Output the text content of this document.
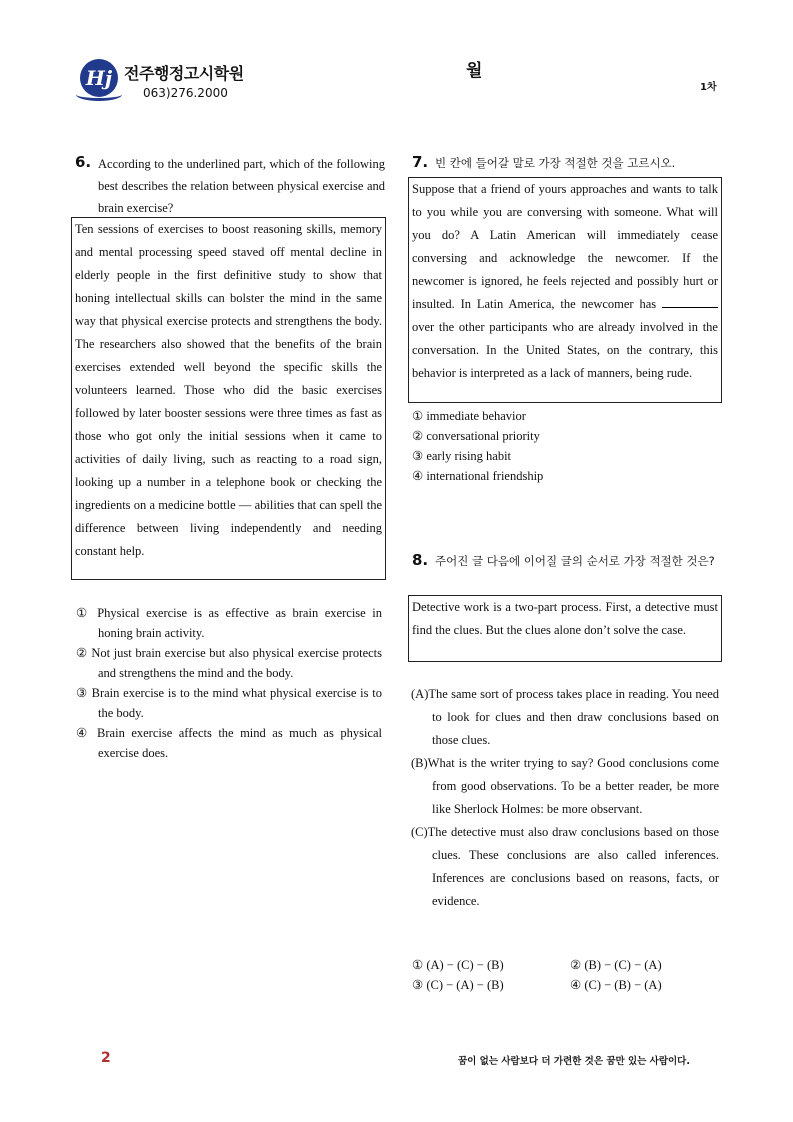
Hj 전주행정고시학원
063)276.2000
월
1차
6. According to the underlined part, which of the following best describes the relation between physical exercise and brain exercise?
Ten sessions of exercises to boost reasoning skills, memory and mental processing speed staved off mental decline in elderly people in the first definitive study to show that honing intellectual skills can bolster the mind in the same way that physical exercise protects and strengthens the body. The researchers also showed that the benefits of the brain exercises extended well beyond the specific skills the volunteers learned. Those who did the basic exercises followed by later booster sessions were three times as fast as those who got only the initial sessions when it came to activities of daily living, such as reacting to a road sign, looking up a number in a telephone book or checking the ingredients on a medicine bottle — abilities that can spell the difference between living independently and needing constant help.
① Physical exercise is as effective as brain exercise in honing brain activity.
② Not just brain exercise but also physical exercise protects and strengthens the mind and the body.
③ Brain exercise is to the mind what physical exercise is to the body.
④ Brain exercise affects the mind as much as physical exercise does.
7. 빈 칸에 들어갈 말로 가장 적절한 것을 고르시오.
Suppose that a friend of yours approaches and wants to talk to you while you are conversing with someone. What will you do? A Latin American will immediately cease conversing and acknowledge the newcomer. If the newcomer is ignored, he feels rejected and possibly hurt or insulted. In Latin America, the newcomer has  over the other participants who are already involved in the conversation. In the United States, on the contrary, this behavior is interpreted as a lack of manners, being rude.
① immediate behavior
② conversational priority
③ early rising habit
④ international friendship
8. 주어진 글 다음에 이어질 글의 순서로 가장 적절한 것은?
Detective work is a two-part process. First, a detective must find the clues. But the clues alone don’t solve the case.
(A)The same sort of process takes place in reading. You need to look for clues and then draw conclusions based on those clues.
(B)What is the writer trying to say? Good conclusions come from good observations. To be a better reader, be more like Sherlock Holmes: be more observant.
(C)The detective must also draw conclusions based on those clues. These conclusions are also called inferences. Inferences are conclusions based on reasons, facts, or evidence.
① (A) − (C) − (B)	② (B) − (C) − (A)
③ (C) − (A) − (B)	④ (C) − (B) − (A)
2	꿈이 없는 사람보다 더 가련한 것은 꿈만 있는 사람이다.
